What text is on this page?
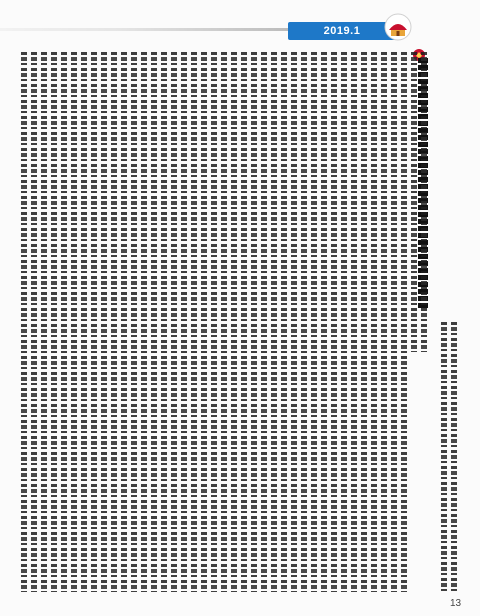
2019.1
13
